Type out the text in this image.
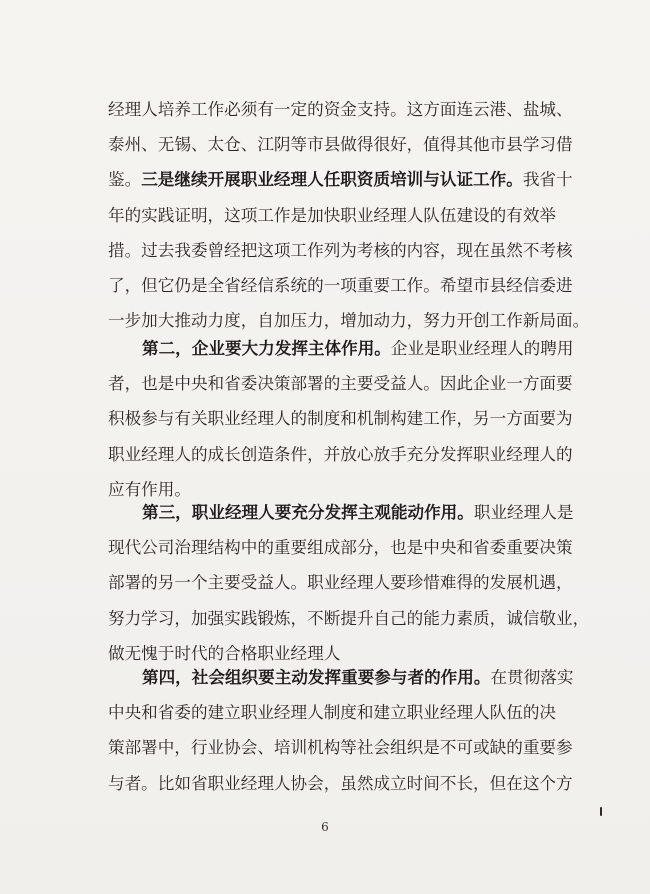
经理人培养工作必须有一定的资金支持。这方面连云港、盐城、
泰州、无锡、太仓、江阴等市县做得很好，值得其他市县学习借
鉴。三是继续开展职业经理人任职资质培训与认证工作。我省十
年的实践证明，这项工作是加快职业经理人队伍建设的有效举
措。过去我委曾经把这项工作列为考核的内容，现在虽然不考核
了，但它仍是全省经信系统的一项重要工作。希望市县经信委进
一步加大推动力度，自加压力，增加动力，努力开创工作新局面。
第二，企业要大力发挥主体作用。企业是职业经理人的聘用
者，也是中央和省委决策部署的主要受益人。因此企业一方面要
积极参与有关职业经理人的制度和机制构建工作，另一方面要为
职业经理人的成长创造条件，并放心放手充分发挥职业经理人的
应有作用。
第三，职业经理人要充分发挥主观能动作用。职业经理人是
现代公司治理结构中的重要组成部分，也是中央和省委重要决策
部署的另一个主要受益人。职业经理人要珍惜难得的发展机遇，
努力学习，加强实践锻炼，不断提升自己的能力素质，诚信敬业，
做无愧于时代的合格职业经理人
第四，社会组织要主动发挥重要参与者的作用。在贯彻落实
中央和省委的建立职业经理人制度和建立职业经理人队伍的决
策部署中，行业协会、培训机构等社会组织是不可或缺的重要参
与者。比如省职业经理人协会，虽然成立时间不长，但在这个方
6
